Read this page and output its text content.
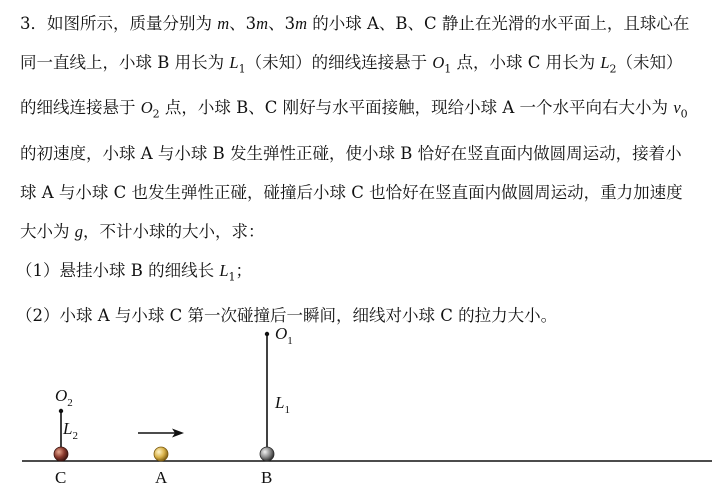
3．如图所示，质量分别为 m、3m、3m 的小球 A、B、C 静止在光滑的水平面上，且球心在
同一直线上，小球 B 用长为 $L_1$（未知）的细线连接悬于 $O_1$ 点，小球 C 用长为 $L_2$（未知）
的细线连接悬于 $O_2$ 点，小球 B、C 刚好与水平面接触，现给小球 A 一个水平向右大小为 $v_0$
的初速度，小球 A 与小球 B 发生弹性正碰，使小球 B 恰好在竖直面内做圆周运动，接着小
球 A 与小球 C 也发生弹性正碰，碰撞后小球 C 也恰好在竖直面内做圆周运动，重力加速度
大小为 g，不计小球的大小，求：
（1）悬挂小球 B 的细线长 $L_1$；
（2）小球 A 与小球 C 第一次碰撞后一瞬间，细线对小球 C 的拉力大小。
$O_2$
$L_2$
C	A
$O_1$
$L_1$
B
